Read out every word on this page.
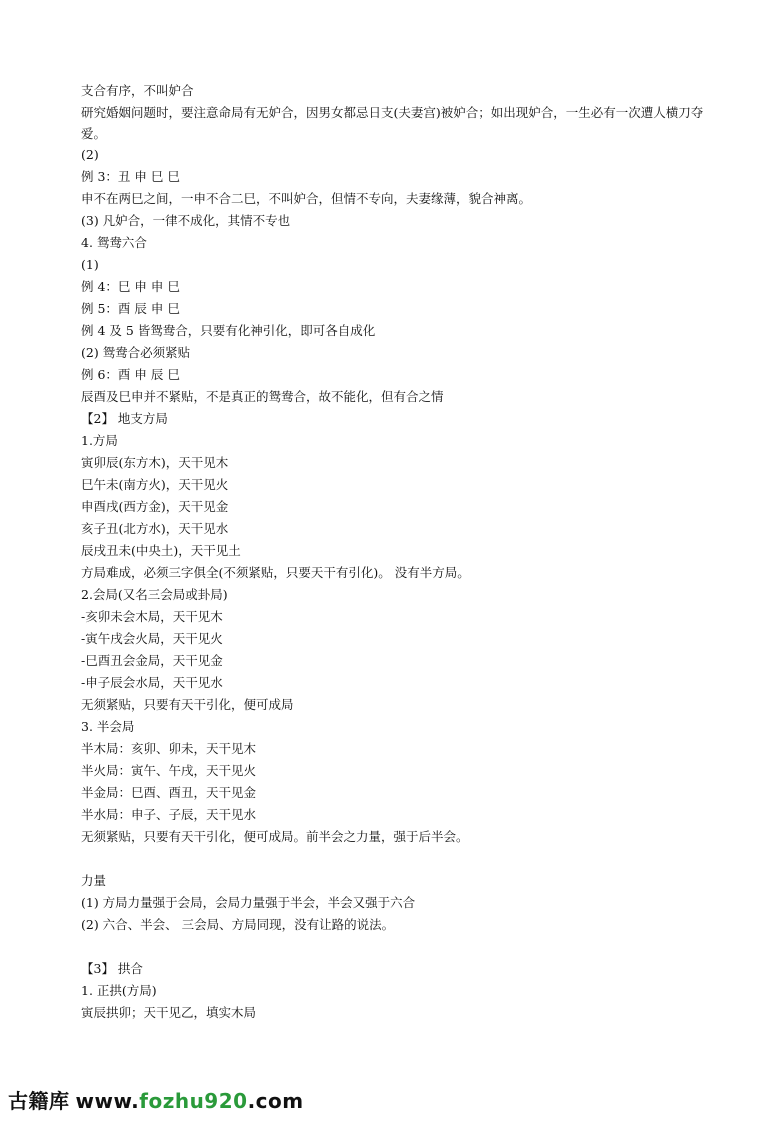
支合有序，不叫妒合
研究婚姻问题时，要注意命局有无妒合，因男女都忌日支(夫妻宫)被妒合；如出现妒合，一生必有一次遭人横刀夺爱。
(2)
例 3：丑 申 巳 巳
申不在两巳之间，一申不合二巳，不叫妒合，但情不专向，夫妻缘薄，貌合神离。
(3) 凡妒合，一律不成化，其情不专也
4. 鸳鸯六合
(1)
例 4：巳 申 申 巳
例 5：酉 辰 申 巳
例 4 及 5 皆鸳鸯合，只要有化神引化，即可各自成化
(2) 鸳鸯合必须紧贴
例 6：酉 申 辰 巳
辰酉及巳申并不紧贴，不是真正的鸳鸯合，故不能化，但有合之情
【2】 地支方局
1.方局
寅卯辰(东方木)，天干见木
巳午未(南方火)，天干见火
申酉戌(西方金)，天干见金
亥子丑(北方水)，天干见水
辰戌丑未(中央土)，天干见土
方局难成，必须三字俱全(不须紧贴，只要天干有引化)。 没有半方局。
2.会局(又名三会局或卦局)
-亥卯未会木局，天干见木
-寅午戌会火局，天干见火
-巳酉丑会金局，天干见金
-申子辰会水局，天干见水
无须紧贴，只要有天干引化，便可成局
3. 半会局
半木局：亥卯、卯未，天干见木
半火局：寅午、午戌，天干见火
半金局：巳酉、酉丑，天干见金
半水局：申子、子辰，天干见水
无须紧贴，只要有天干引化，便可成局。前半会之力量，强于后半会。
力量
(1) 方局力量强于会局，会局力量强于半会，半会又强于六合
(2) 六合、半会、 三会局、方局同现，没有让路的说法。
【3】 拱合
1. 正拱(方局)
寅辰拱卯；天干见乙，填实木局
古籍库 www.fozhu920.com
